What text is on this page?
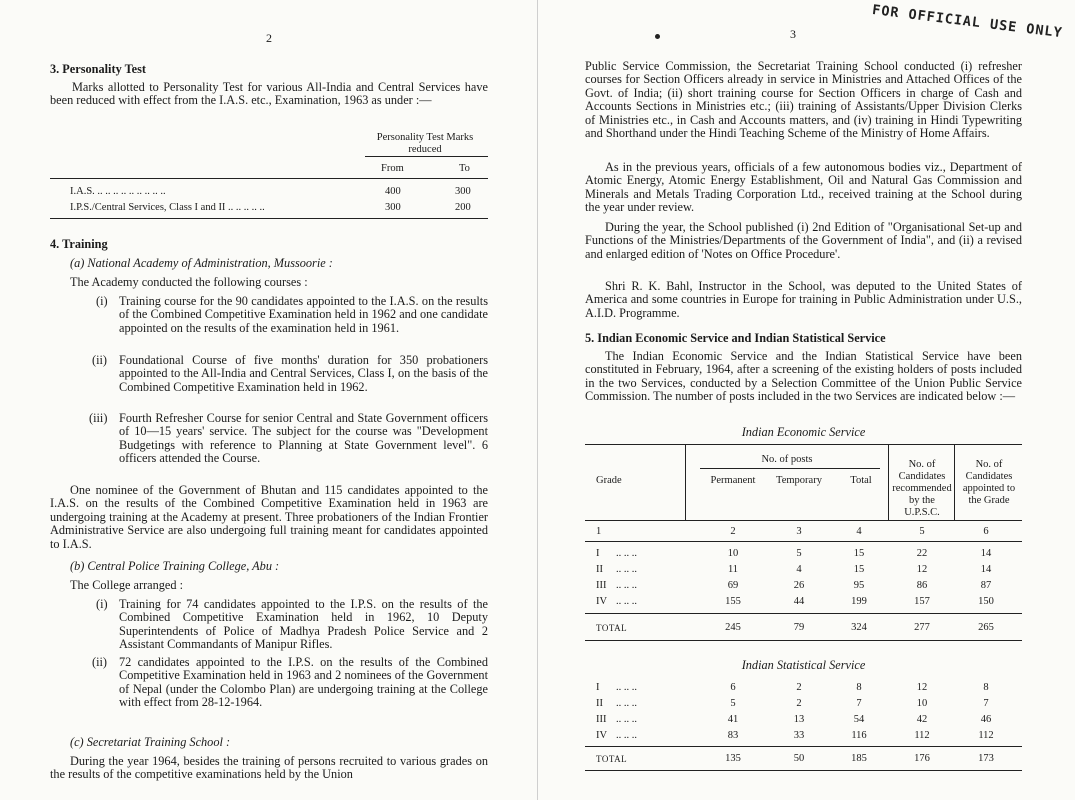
2
3. Personality Test
Marks allotted to Personality Test for various All-India and Central Services have been reduced with effect from the I.A.S. etc., Examination, 1963 as under :—
Personality Test Marks reduced
From	To
I.A.S. .. .. .. .. .. .. .. .. ..	400	300
I.P.S./Central Services, Class I and II .. .. .. .. ..	300	200
4. Training
(a) National Academy of Administration, Mussoorie :
The Academy conducted the following courses :
(i) Training course for the 90 candidates appointed to the I.A.S. on the results of the Combined Competitive Examination held in 1962 and one candidate appointed on the results of the examination held in 1961.
(ii) Foundational Course of five months' duration for 350 probationers appointed to the All-India and Central Services, Class I, on the basis of the Combined Competitive Examination held in 1962.
(iii) Fourth Refresher Course for senior Central and State Government officers of 10—15 years' service. The subject for the course was "Development Budgetings with reference to Planning at State Government level". 6 officers attended the Course.
One nominee of the Government of Bhutan and 115 candidates appointed to the I.A.S. on the results of the Combined Competitive Examination held in 1963 are undergoing training at the Academy at present. Three probationers of the Indian Frontier Administrative Service are also undergoing full training meant for candidates appointed to I.A.S.
(b) Central Police Training College, Abu :
The College arranged :
(i) Training for 74 candidates appointed to the I.P.S. on the results of the Combined Competitive Examination held in 1962, 10 Deputy Superintendents of Police of Madhya Pradesh Police Service and 2 Assistant Commandants of Manipur Rifles.
(ii) 72 candidates appointed to the I.P.S. on the results of the Combined Competitive Examination held in 1963 and 2 nominees of the Government of Nepal (under the Colombo Plan) are undergoing training at the College with effect from 28-12-1964.
(c) Secretariat Training School :
During the year 1964, besides the training of persons recruited to various grades on the results of the competitive examinations held by the Union
3	FOR OFFICIAL USE ONLY
Public Service Commission, the Secretariat Training School conducted (i) refresher courses for Section Officers already in service in Ministries and Attached Offices of the Govt. of India; (ii) short training course for Section Officers in charge of Cash and Accounts Sections in Ministries etc.; (iii) training of Assistants/Upper Division Clerks of Ministries etc., in Cash and Accounts matters, and (iv) training in Hindi Typewriting and Shorthand under the Hindi Teaching Scheme of the Ministry of Home Affairs.
As in the previous years, officials of a few autonomous bodies viz., Department of Atomic Energy, Atomic Energy Establishment, Oil and Natural Gas Commission and Minerals and Metals Trading Corporation Ltd., received training at the School during the year under review.
During the year, the School published (i) 2nd Edition of "Organisational Set-up and Functions of the Ministries/Departments of the Government of India", and (ii) a revised and enlarged edition of 'Notes on Office Procedure'.
Shri R. K. Bahl, Instructor in the School, was deputed to the United States of America and some countries in Europe for training in Public Administration under U.S., A.I.D. Programme.
5. Indian Economic Service and Indian Statistical Service
The Indian Economic Service and the Indian Statistical Service have been constituted in February, 1964, after a screening of the existing holders of posts included in the two Services, conducted by a Selection Committee of the Union Public Service Commission. The number of posts included in the two Services are indicated below :—
Indian Economic Service
No. of posts
Grade	Permanent	Temporary	Total
No. of Candidates recommended by the U.P.S.C.
No. of Candidates appointed to the Grade
Indian Statistical Service
1	2	3	4	5	6
I	10	5	15	22	14
.. .. ..
II	11	4	15	12	14
.. .. ..
III	69	26	95	86	87
.. .. ..
IV	155	44	199	157	150
.. .. ..
TOTAL	245	79	324	277	265
I	6	2	8	12	8
.. .. ..
II	5	2	7	10	7
.. .. ..
III	41	13	54	42	46
.. .. ..
IV	83	33	116	112	112
.. .. ..
TOTAL	135	50	185	176	173
